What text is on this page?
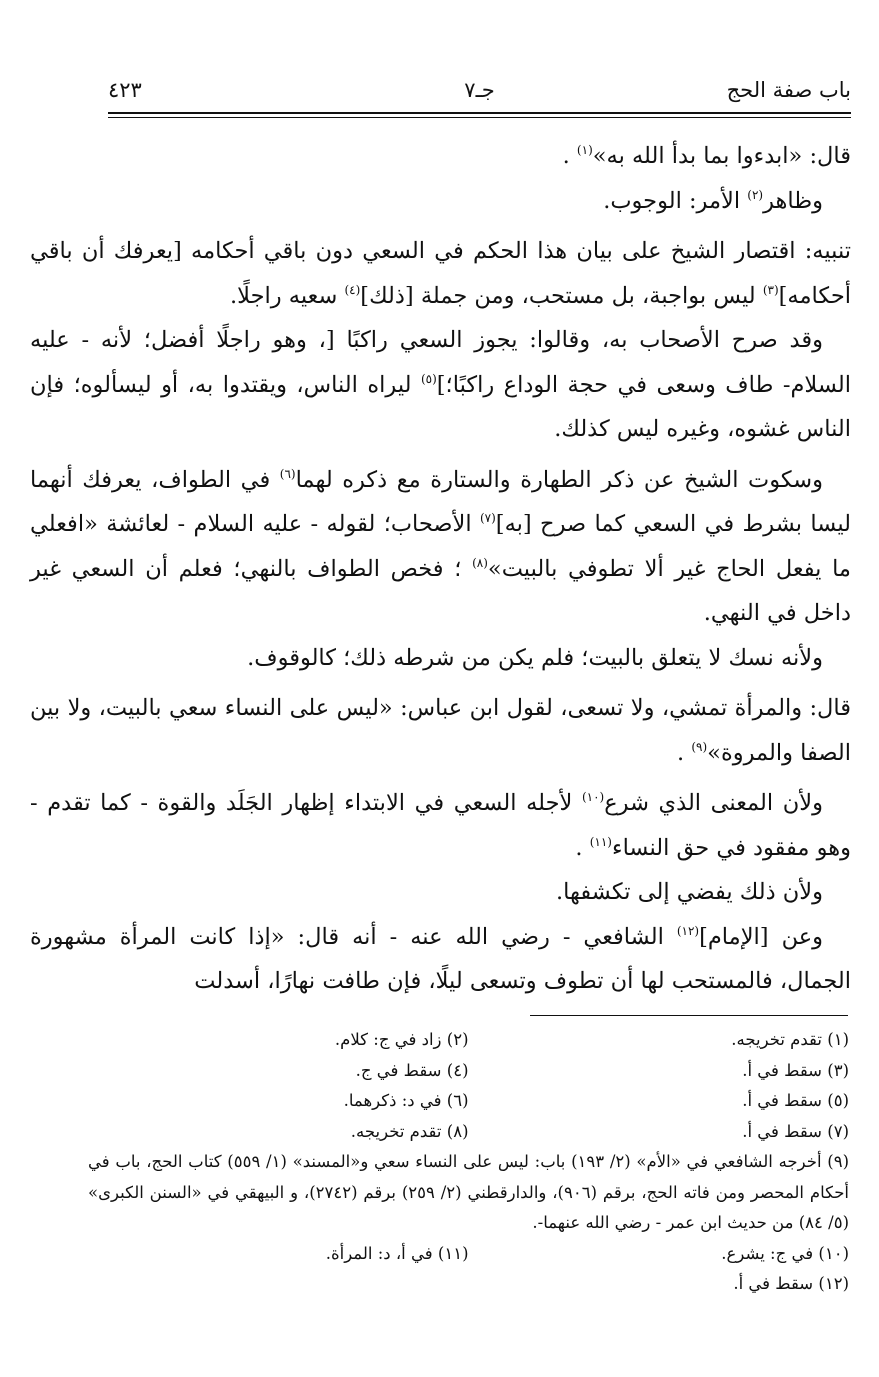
باب صفة الحج
جـ٧
٤٢٣

قال: «ابدءوا بما بدأ الله به»$^{(١)}$ .

وظاهر$^{(٢)}$ الأمر: الوجوب.

تنبيه: اقتصار الشيخ على بيان هذا الحكم في السعي دون باقي أحكامه [يعرفك أن باقي أحكامه]$^{(٣)}$ ليس بواجبة، بل مستحب، ومن جملة [ذلك]$^{(٤)}$ سعيه راجلًا.

وقد صرح الأصحاب به، وقالوا: يجوز السعي راكبًا [، وهو راجلًا أفضل؛ لأنه - عليه السلام- طاف وسعى في حجة الوداع راكبًا؛]$^{(٥)}$ ليراه الناس، ويقتدوا به، أو ليسألوه؛ فإن الناس غشوه، وغيره ليس كذلك.

وسكوت الشيخ عن ذكر الطهارة والستارة مع ذكره لهما$^{(٦)}$ في الطواف، يعرفك أنهما ليسا بشرط في السعي كما صرح [به]$^{(٧)}$ الأصحاب؛ لقوله - عليه السلام - لعائشة «افعلي ما يفعل الحاج غير ألا تطوفي بالبيت»$^{(٨)}$ ؛ فخص الطواف بالنهي؛ فعلم أن السعي غير داخل في النهي.

ولأنه نسك لا يتعلق بالبيت؛ فلم يكن من شرطه ذلك؛ كالوقوف.

قال: والمرأة تمشي، ولا تسعى، لقول ابن عباس: «ليس على النساء سعي بالبيت، ولا بين الصفا والمروة»$^{(٩)}$ .

ولأن المعنى الذي شرع$^{(١٠)}$ لأجله السعي في الابتداء إظهار الجَلَد والقوة - كما تقدم - وهو مفقود في حق النساء$^{(١١)}$ .

ولأن ذلك يفضي إلى تكشفها.

وعن [الإمام]$^{(١٢)}$ الشافعي - رضي الله عنه - أنه قال: «إذا كانت المرأة مشهورة الجمال، فالمستحب لها أن تطوف وتسعى ليلًا، فإن طافت نهارًا، أسدلت

(١) تقدم تخريجه.
(٢) زاد في ج: كلام.
(٣) سقط في أ.
(٤) سقط في ج.
(٥) سقط في أ.
(٦) في د: ذكرهما.
(٧) سقط في أ.
(٨) تقدم تخريجه.
(٩) أخرجه الشافعي في «الأم» (٢/ ١٩٣) باب: ليس على النساء سعي و«المسند» (١/ ٥٥٩) كتاب الحج، باب في أحكام المحصر ومن فاته الحج، برقم (٩٠٦)، والدارقطني (٢/ ٢٥٩) برقم (٢٧٤٢)، و البيهقي في «السنن الكبرى» (٥/ ٨٤) من حديث ابن عمر - رضي الله عنهما-.
(١٠) في ج: يشرع.
(١١) في أ، د: المرأة.
(١٢) سقط في أ.
